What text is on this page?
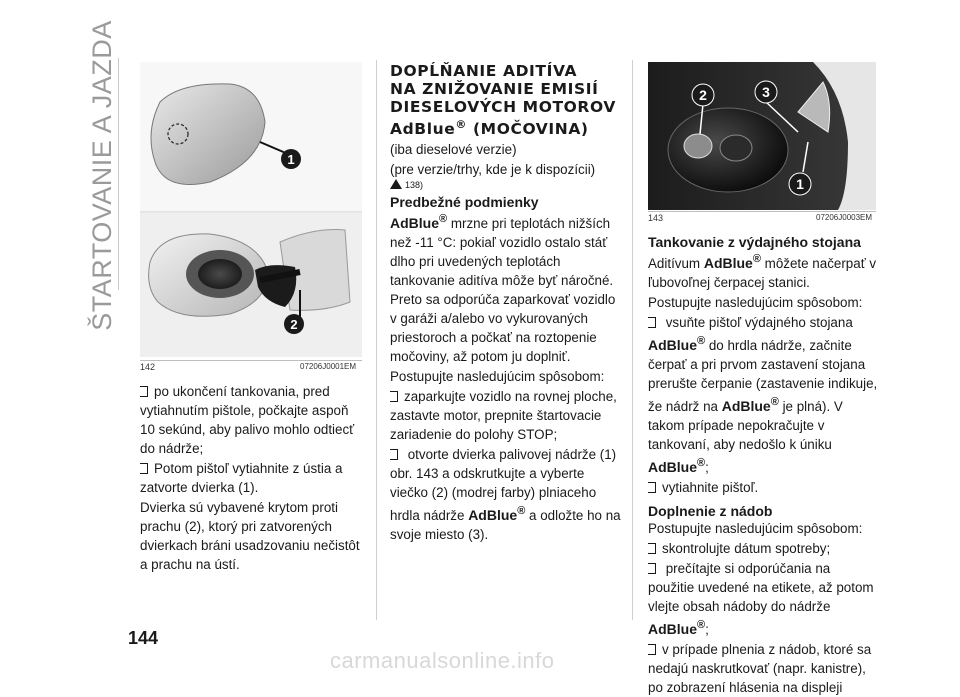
ŠTARTOVANIE A JAZDA	1
2
142	07206J0001EM

po ukončení tankovania, pred vytiahnutím pištole, počkajte aspoň 10 sekúnd, aby palivo mohlo odtiecť do nádrže;

Potom pištoľ vytiahnite z ústia a zatvorte dvierka (1).

Dvierka sú vybavené krytom proti prachu (2), ktorý pri zatvorených dvierkach bráni usadzovaniu nečistôt a prachu na ústí.

144

DOPĹŇANIE ADITÍVA

NA ZNIŽOVANIE EMISIÍ

DIESELOVÝCH MOTOROV

AdBlue® (MOČOVINA)

(iba dieselové verzie)

(pre verzie/trhy, kde je k dispozícii)

138)

Predbežné podmienky

AdBlue® mrzne pri teplotách nižších než -11 °C: pokiaľ vozidlo ostalo stáť dlho pri uvedených teplotách tankovanie aditíva môže byť náročné. Preto sa odporúča zaparkovať vozidlo v garáži a/alebo vo vykurovaných priestoroch a počkať na roztopenie močoviny, až potom ju doplniť.

Postupujte nasledujúcim spôsobom:

zaparkujte vozidlo na rovnej ploche, zastavte motor, prepnite štartovacie zariadenie do polohy STOP;

otvorte dvierka palivovej nádrže (1) obr. 143 a odskrutkujte a vyberte viečko (2) (modrej farby) plniaceho hrdla nádrže AdBlue® a odložte ho na svoje miesto (3).

2	3
1
143	07206J0003EM

Tankovanie z výdajného stojana

Aditívum AdBlue® môžete načerpať v ľubovoľnej čerpacej stanici.

Postupujte nasledujúcim spôsobom:

vsuňte pištoľ výdajného stojana AdBlue® do hrdla nádrže, začnite čerpať a pri prvom zastavení stojana prerušte čerpanie (zastavenie indikuje, že nádrž na AdBlue® je plná). V takom prípade nepokračujte v tankovaní, aby nedošlo k úniku AdBlue®;

vytiahnite pištoľ.

Doplnenie z nádob

Postupujte nasledujúcim spôsobom:

skontrolujte dátum spotreby;

prečítajte si odporúčania na použitie uvedené na etikete, až potom vlejte obsah nádoby do nádrže AdBlue®;

v prípade plnenia z nádob, ktoré sa nedajú naskrutkovať (napr. kanistre), po zobrazení hlásenia na displeji

carmanualsonline.info
